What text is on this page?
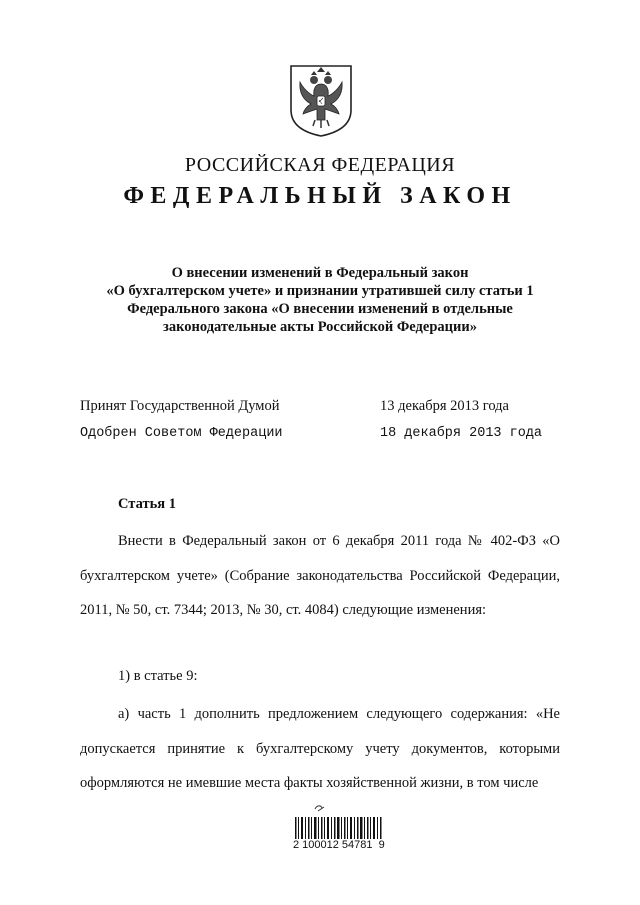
РОССИЙСКАЯ ФЕДЕРАЦИЯ
ФЕДЕРАЛЬНЫЙ ЗАКОН
О внесении изменений в Федеральный закон
«О бухгалтерском учете» и признании утратившей силу статьи 1
Федерального закона «О внесении изменений в отдельные
законодательные акты Российской Федерации»
Принят Государственной Думой	13 декабря 2013 года
Одобрен Советом Федерации	18 декабря 2013 года
Статья 1

Внести в Федеральный закон от 6 декабря 2011 года № 402-ФЗ «О бухгалтерском учете» (Собрание законодательства Российской Федерации, 2011, № 50, ст. 7344; 2013, № 30, ст. 4084) следующие изменения:

1) в статье 9:

а) часть 1 дополнить предложением следующего содержания: «Не допускается принятие к бухгалтерскому учету документов, которыми оформляются не имевшие места факты хозяйственной жизни, в том числе

2 100012 54781  9
